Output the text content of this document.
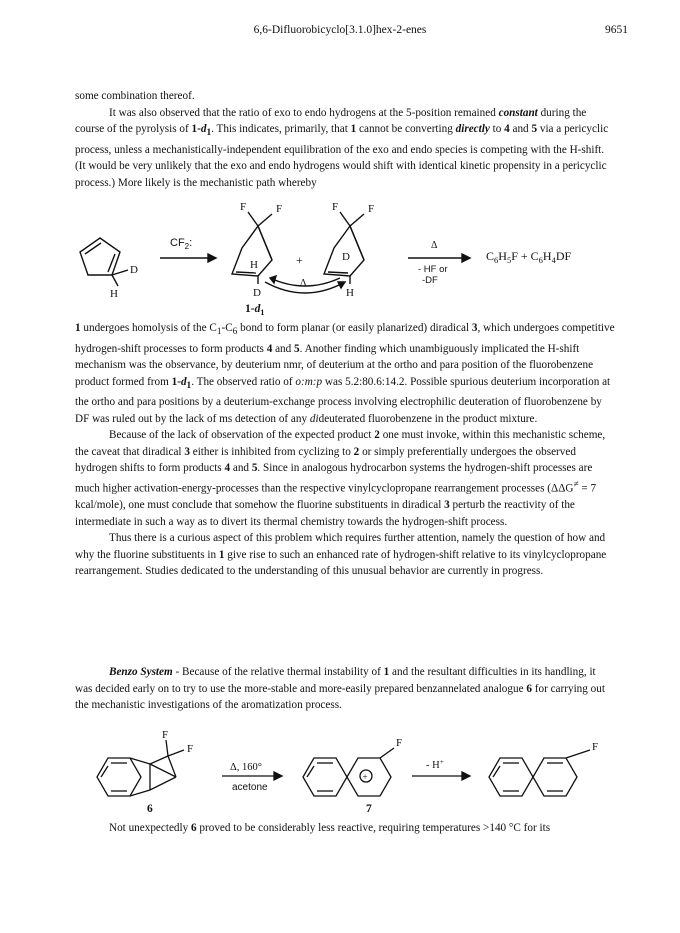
6,6-Difluorobicyclo[3.1.0]hex-2-enes	9651

some combination thereof.

It was also observed that the ratio of exo to endo hydrogens at the 5-position remained constant during the course of the pyrolysis of $1-d_1$. This indicates, primarily, that 1 cannot be converting directly to 4 and 5 via a pericyclic process, unless a mechanistically-independent equilibration of the exo and endo species is competing with the H-shift. (It would be very unlikely that the exo and endo hydrogens would shift with identical kinetic propensity in a pericyclic process.) More likely is the mechanistic path whereby

H
D
$CF_2$:
F	F
H
D
+
F	F
D
H
Δ
Δ
- HF or
-DF
$C_6H_5F + C_6H_4DF$
$1-d_1$

1 undergoes homolysis of the $C_1-C_6$ bond to form planar (or easily planarized) diradical 3, which undergoes competitive hydrogen-shift processes to form products 4 and 5. Another finding which unambiguously implicated the H-shift mechanism was the observance, by deuterium nmr, of deuterium at the ortho and para position of the fluorobenzene product formed from $1-d_1$. The observed ratio of o:m:p was 5.2:80.6:14.2. Possible spurious deuterium incorporation at the ortho and para positions by a deuterium-exchange process involving electrophilic deuteration of fluorobenzene by DF was ruled out by the lack of ms detection of any dideuterated fluorobenzene in the product mixture.

Because of the lack of observation of the expected product 2 one must invoke, within this mechanistic scheme, the caveat that diradical 3 either is inhibited from cyclizing to 2 or simply preferentially undergoes the observed hydrogen shifts to form products 4 and 5. Since in analogous hydrocarbon systems the hydrogen-shift processes are much higher activation-energy-processes than the respective vinylcyclopropane rearrangement processes (ΔΔG≠ = 7 kcal/mole), one must conclude that somehow the fluorine substituents in diradical 3 perturb the reactivity of the intermediate in such a way as to divert its thermal chemistry towards the hydrogen-shift process.

Thus there is a curious aspect of this problem which requires further attention, namely the question of how and why the fluorine substituents in 1 give rise to such an enhanced rate of hydrogen-shift relative to its vinylcyclopropane rearrangement. Studies dedicated to the understanding of this unusual behavior are currently in progress.

Benzo System - Because of the relative thermal instability of 1 and the resultant difficulties in its handling, it was decided early on to try to use the more-stable and more-easily prepared benzannelated analogue 6 for carrying out the mechanistic investigations of the aromatization process.

F
F
6
Δ, 160°
acetone
F
+
7
- H+
F

Not unexpectedly 6 proved to be considerably less reactive, requiring temperatures >140 °C for its
